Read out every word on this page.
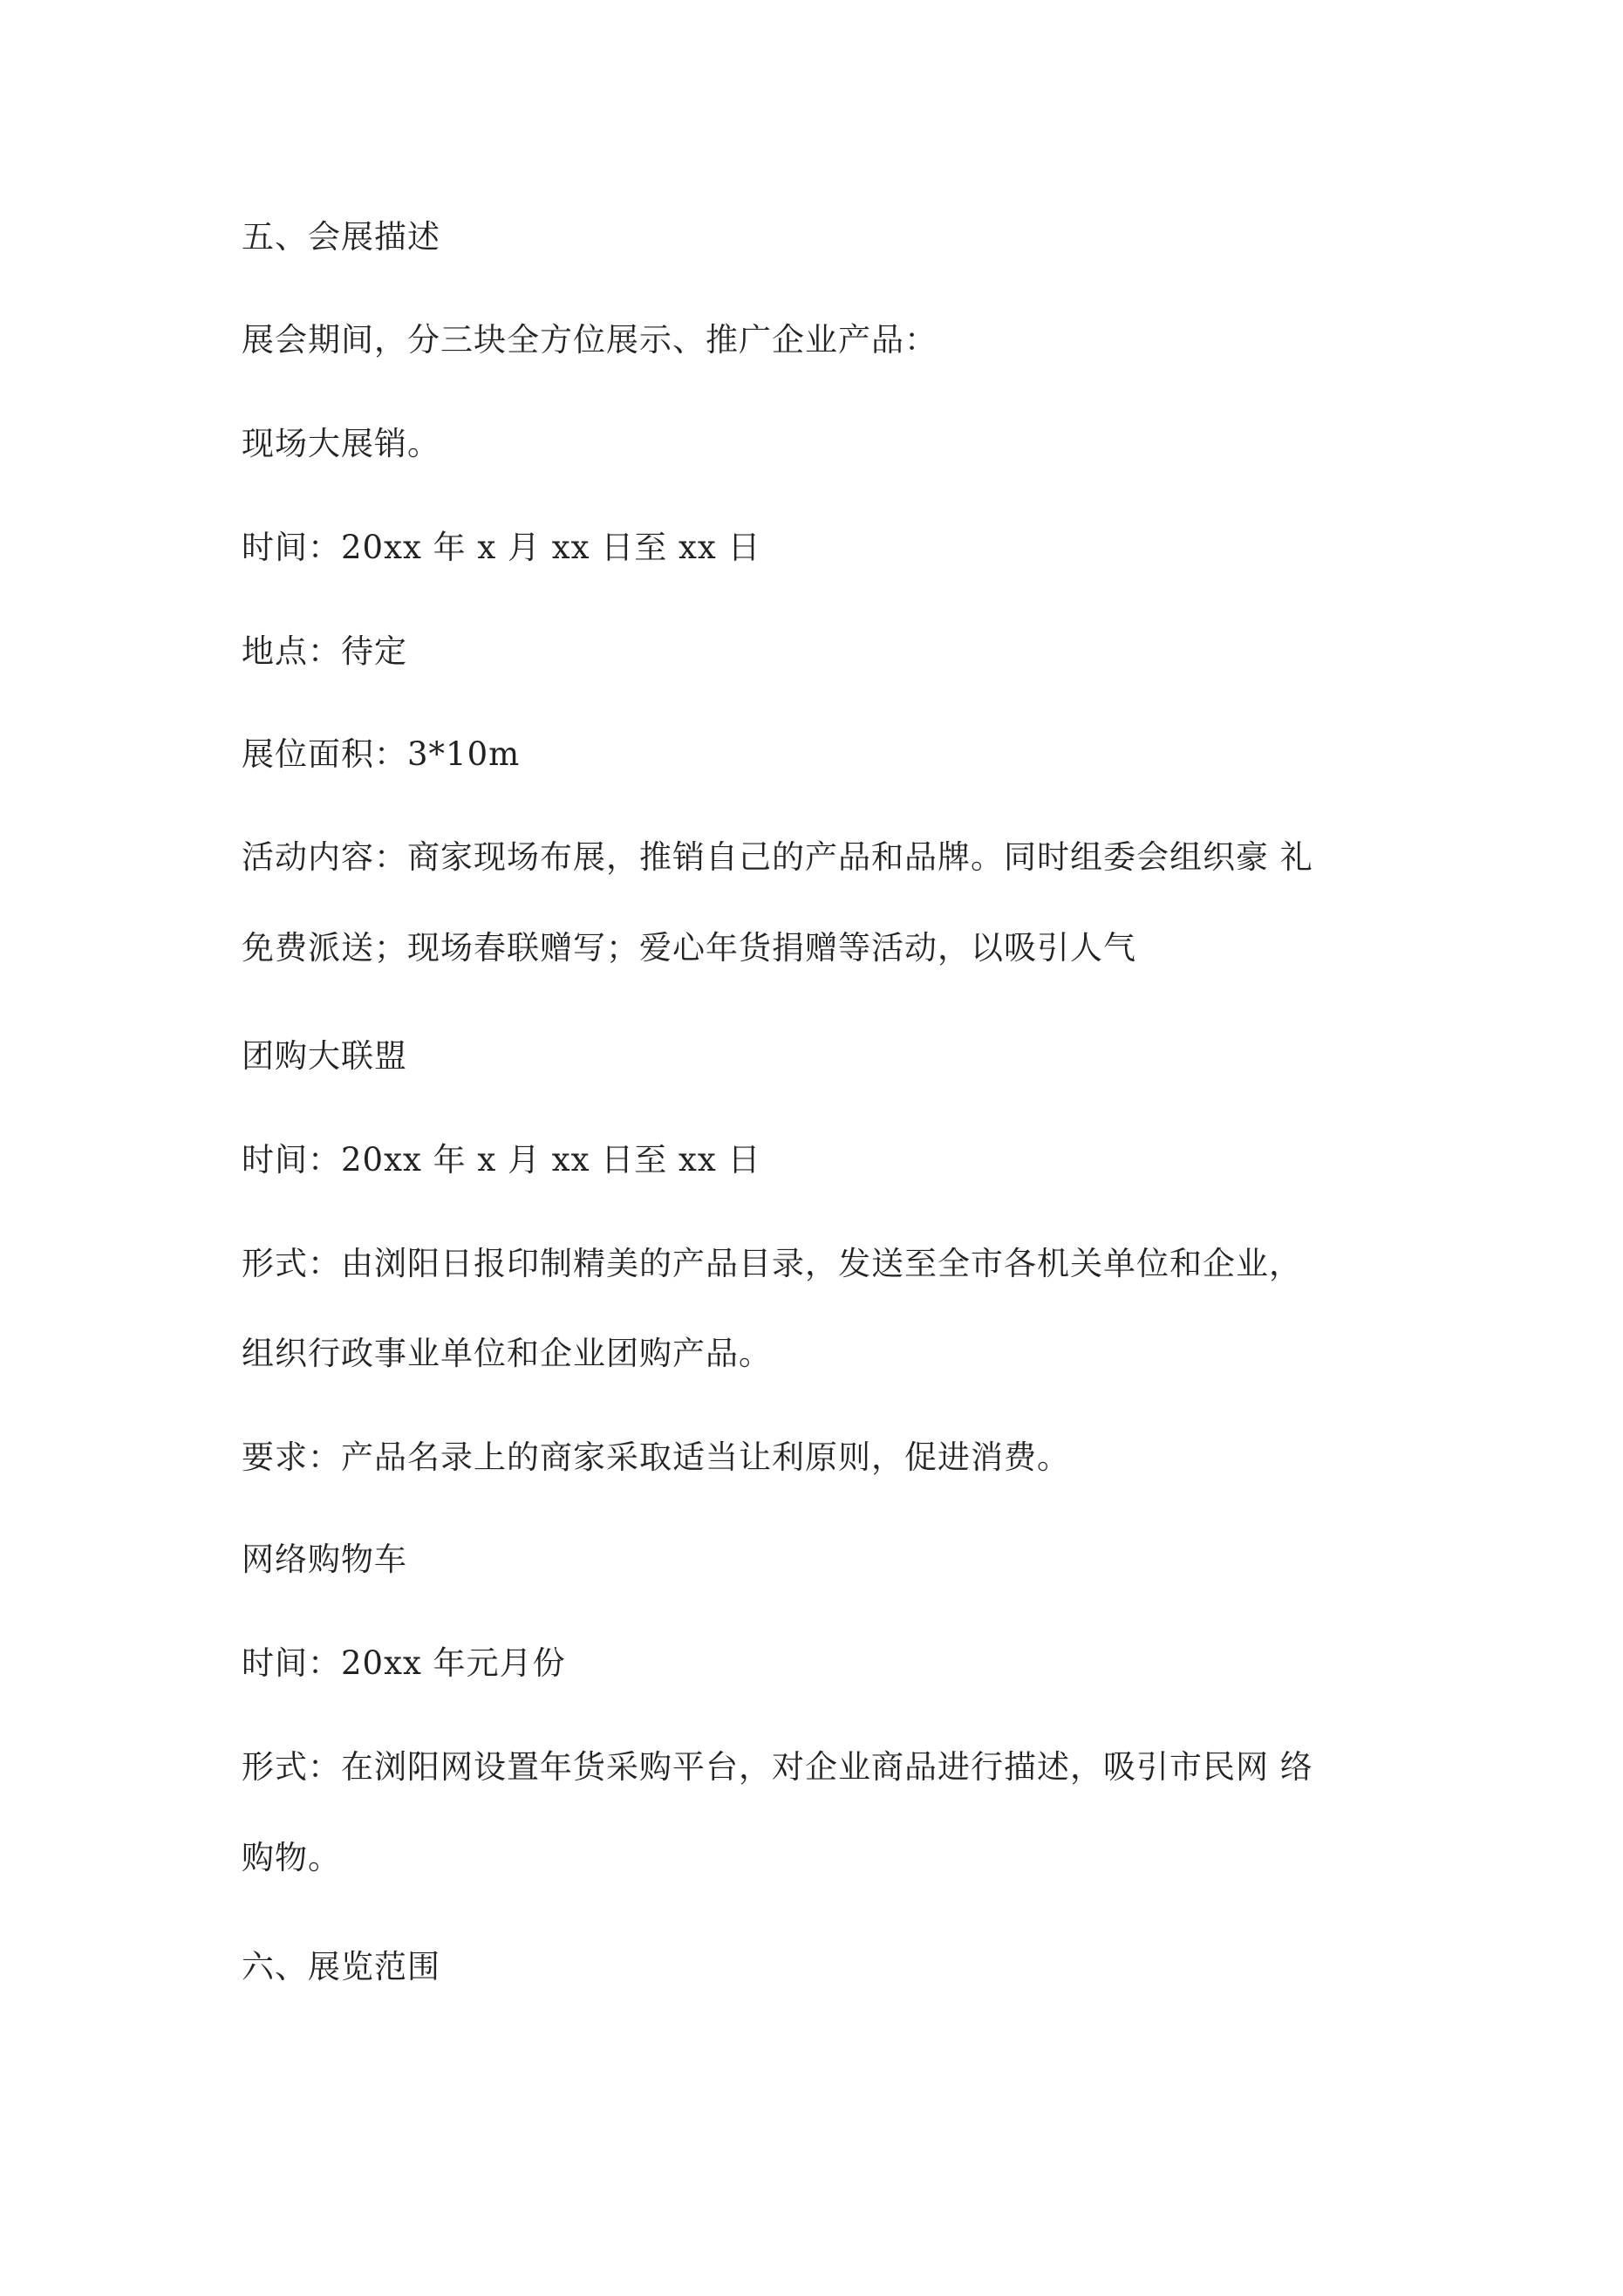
五、会展描述

展会期间，分三块全方位展示、推广企业产品：

现场大展销。

时间：20xx 年 x 月 xx 日至 xx 日

地点：待定

展位面积：3*10m

活动内容：商家现场布展，推销自己的产品和品牌。同时组委会组织豪 礼

免费派送；现场春联赠写；爱心年货捐赠等活动，以吸引人气

团购大联盟

时间：20xx 年 x 月 xx 日至 xx 日

形式：由浏阳日报印制精美的产品目录，发送至全市各机关单位和企业，

组织行政事业单位和企业团购产品。

要求：产品名录上的商家采取适当让利原则，促进消费。

网络购物车

时间：20xx 年元月份

形式：在浏阳网设置年货采购平台，对企业商品进行描述，吸引市民网 络

购物。

六、展览范围
